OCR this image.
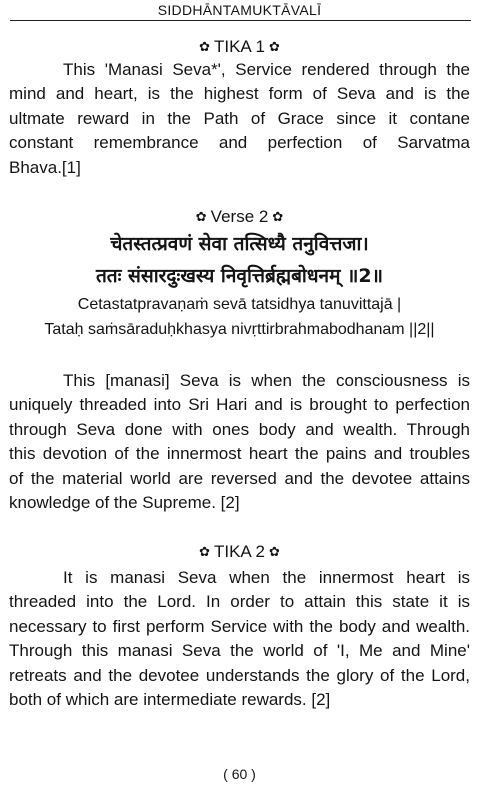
SIDDHĀNTAMUKTĀVALĪ
✿ TIKA 1 ✿
This 'Manasi Seva*', Service rendered through the
mind and heart, is the highest form of Seva and is the
ultmate reward in the Path of Grace since it contane
constant remembrance and perfection of Sarvatma
Bhava.[1]
✿ Verse 2 ✿
चेतस्तत्प्रवणं सेवा तत्सिध्यै तनुवित्तजा।
ततः संसारदुःखस्य निवृत्तिर्ब्रह्मबोधनम् ॥2॥
Cetastatpravaṇaṁ sevā tatsidhya tanuvittajā |
Tataḥ saṁsāraduḥkhasya nivṛttirbrahmabodhanam ||2||
This [manasi] Seva is when the consciousness is
uniquely threaded into Sri Hari and is brought to perfection
through Seva done with ones body and wealth. Through
this devotion of the innermost heart the pains and troubles
of the material world are reversed and the devotee attains
knowledge of the Supreme. [2]
✿ TIKA 2 ✿
It is manasi Seva when the innermost heart is
threaded into the Lord. In order to attain this state it is
necessary to first perform Service with the body and wealth.
Through this manasi Seva the world of 'I, Me and Mine'
retreats and the devotee understands the glory of the Lord,
both of which are intermediate rewards. [2]
( 60 )
